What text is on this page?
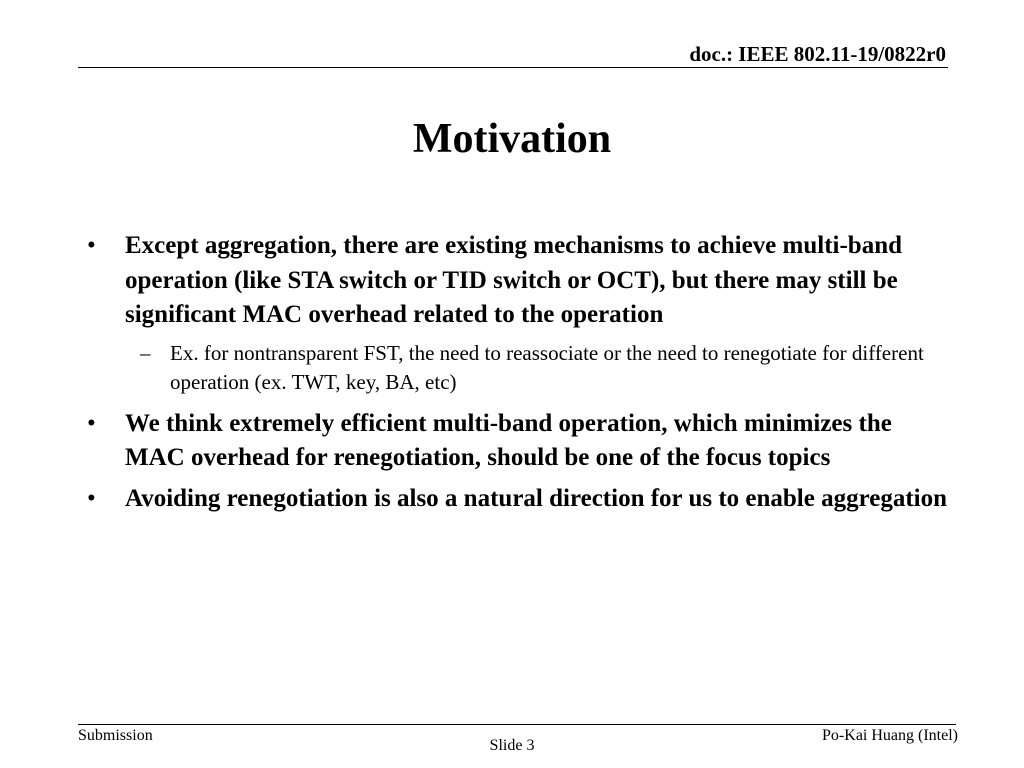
doc.: IEEE 802.11-19/0822r0
Motivation
• Except aggregation, there are existing mechanisms to achieve multi-band operation (like STA switch or TID switch or OCT), but there may still be significant MAC overhead related to the operation
– Ex. for nontransparent FST, the need to reassociate or the need to renegotiate for different operation (ex. TWT, key, BA, etc)
• We think extremely efficient multi-band operation, which minimizes the MAC overhead for renegotiation, should be one of the focus topics
• Avoiding renegotiation is also a natural direction for us to enable aggregation
Submission
Slide 3
Po-Kai Huang (Intel)
